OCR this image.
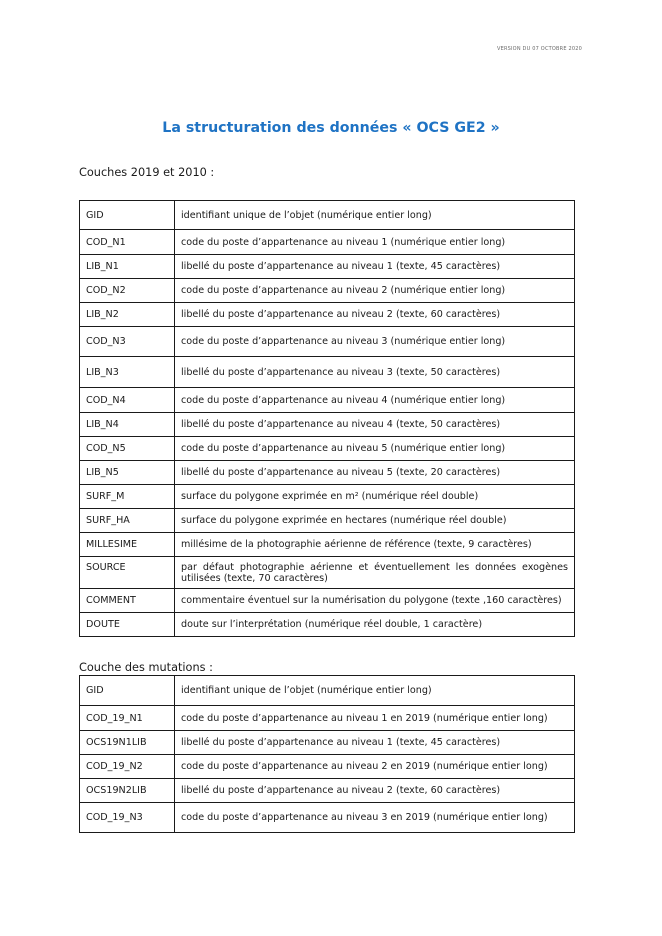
VERSION DU 07 OCTOBRE 2020
La structuration des données « OCS GE2 »
Couches 2019 et 2010 :
GID	identifiant unique de l’objet (numérique entier long)
COD_N1	code du poste d’appartenance au niveau 1 (numérique entier long)
LIB_N1	libellé du poste d’appartenance au niveau 1 (texte, 45 caractères)
COD_N2	code du poste d’appartenance au niveau 2 (numérique entier long)
LIB_N2	libellé du poste d’appartenance au niveau 2 (texte, 60 caractères)
COD_N3	code du poste d’appartenance au niveau 3 (numérique entier long)
LIB_N3	libellé du poste d’appartenance au niveau 3 (texte, 50 caractères)
COD_N4	code du poste d’appartenance au niveau 4 (numérique entier long)
LIB_N4	libellé du poste d’appartenance au niveau 4 (texte, 50 caractères)
COD_N5	code du poste d’appartenance au niveau 5 (numérique entier long)
LIB_N5	libellé du poste d’appartenance au niveau 5 (texte, 20 caractères)
SURF_M	surface du polygone exprimée en m² (numérique réel double)
SURF_HA	surface du polygone exprimée en hectares (numérique réel double)
MILLESIME	millésime de la photographie aérienne de référence (texte, 9 caractères)
SOURCE	par défaut photographie aérienne et éventuellement les données exogènes utilisées (texte, 70 caractères)
COMMENT	commentaire éventuel sur la numérisation du polygone (texte ,160 caractères)
DOUTE	doute sur l’interprétation (numérique réel double, 1 caractère)
Couche des mutations :
GID	identifiant unique de l’objet (numérique entier long)
COD_19_N1	code du poste d’appartenance au niveau 1 en 2019 (numérique entier long)
OCS19N1LIB	libellé du poste d’appartenance au niveau 1 (texte, 45 caractères)
COD_19_N2	code du poste d’appartenance au niveau 2 en 2019 (numérique entier long)
OCS19N2LIB	libellé du poste d’appartenance au niveau 2 (texte, 60 caractères)
COD_19_N3	code du poste d’appartenance au niveau 3 en 2019 (numérique entier long)
